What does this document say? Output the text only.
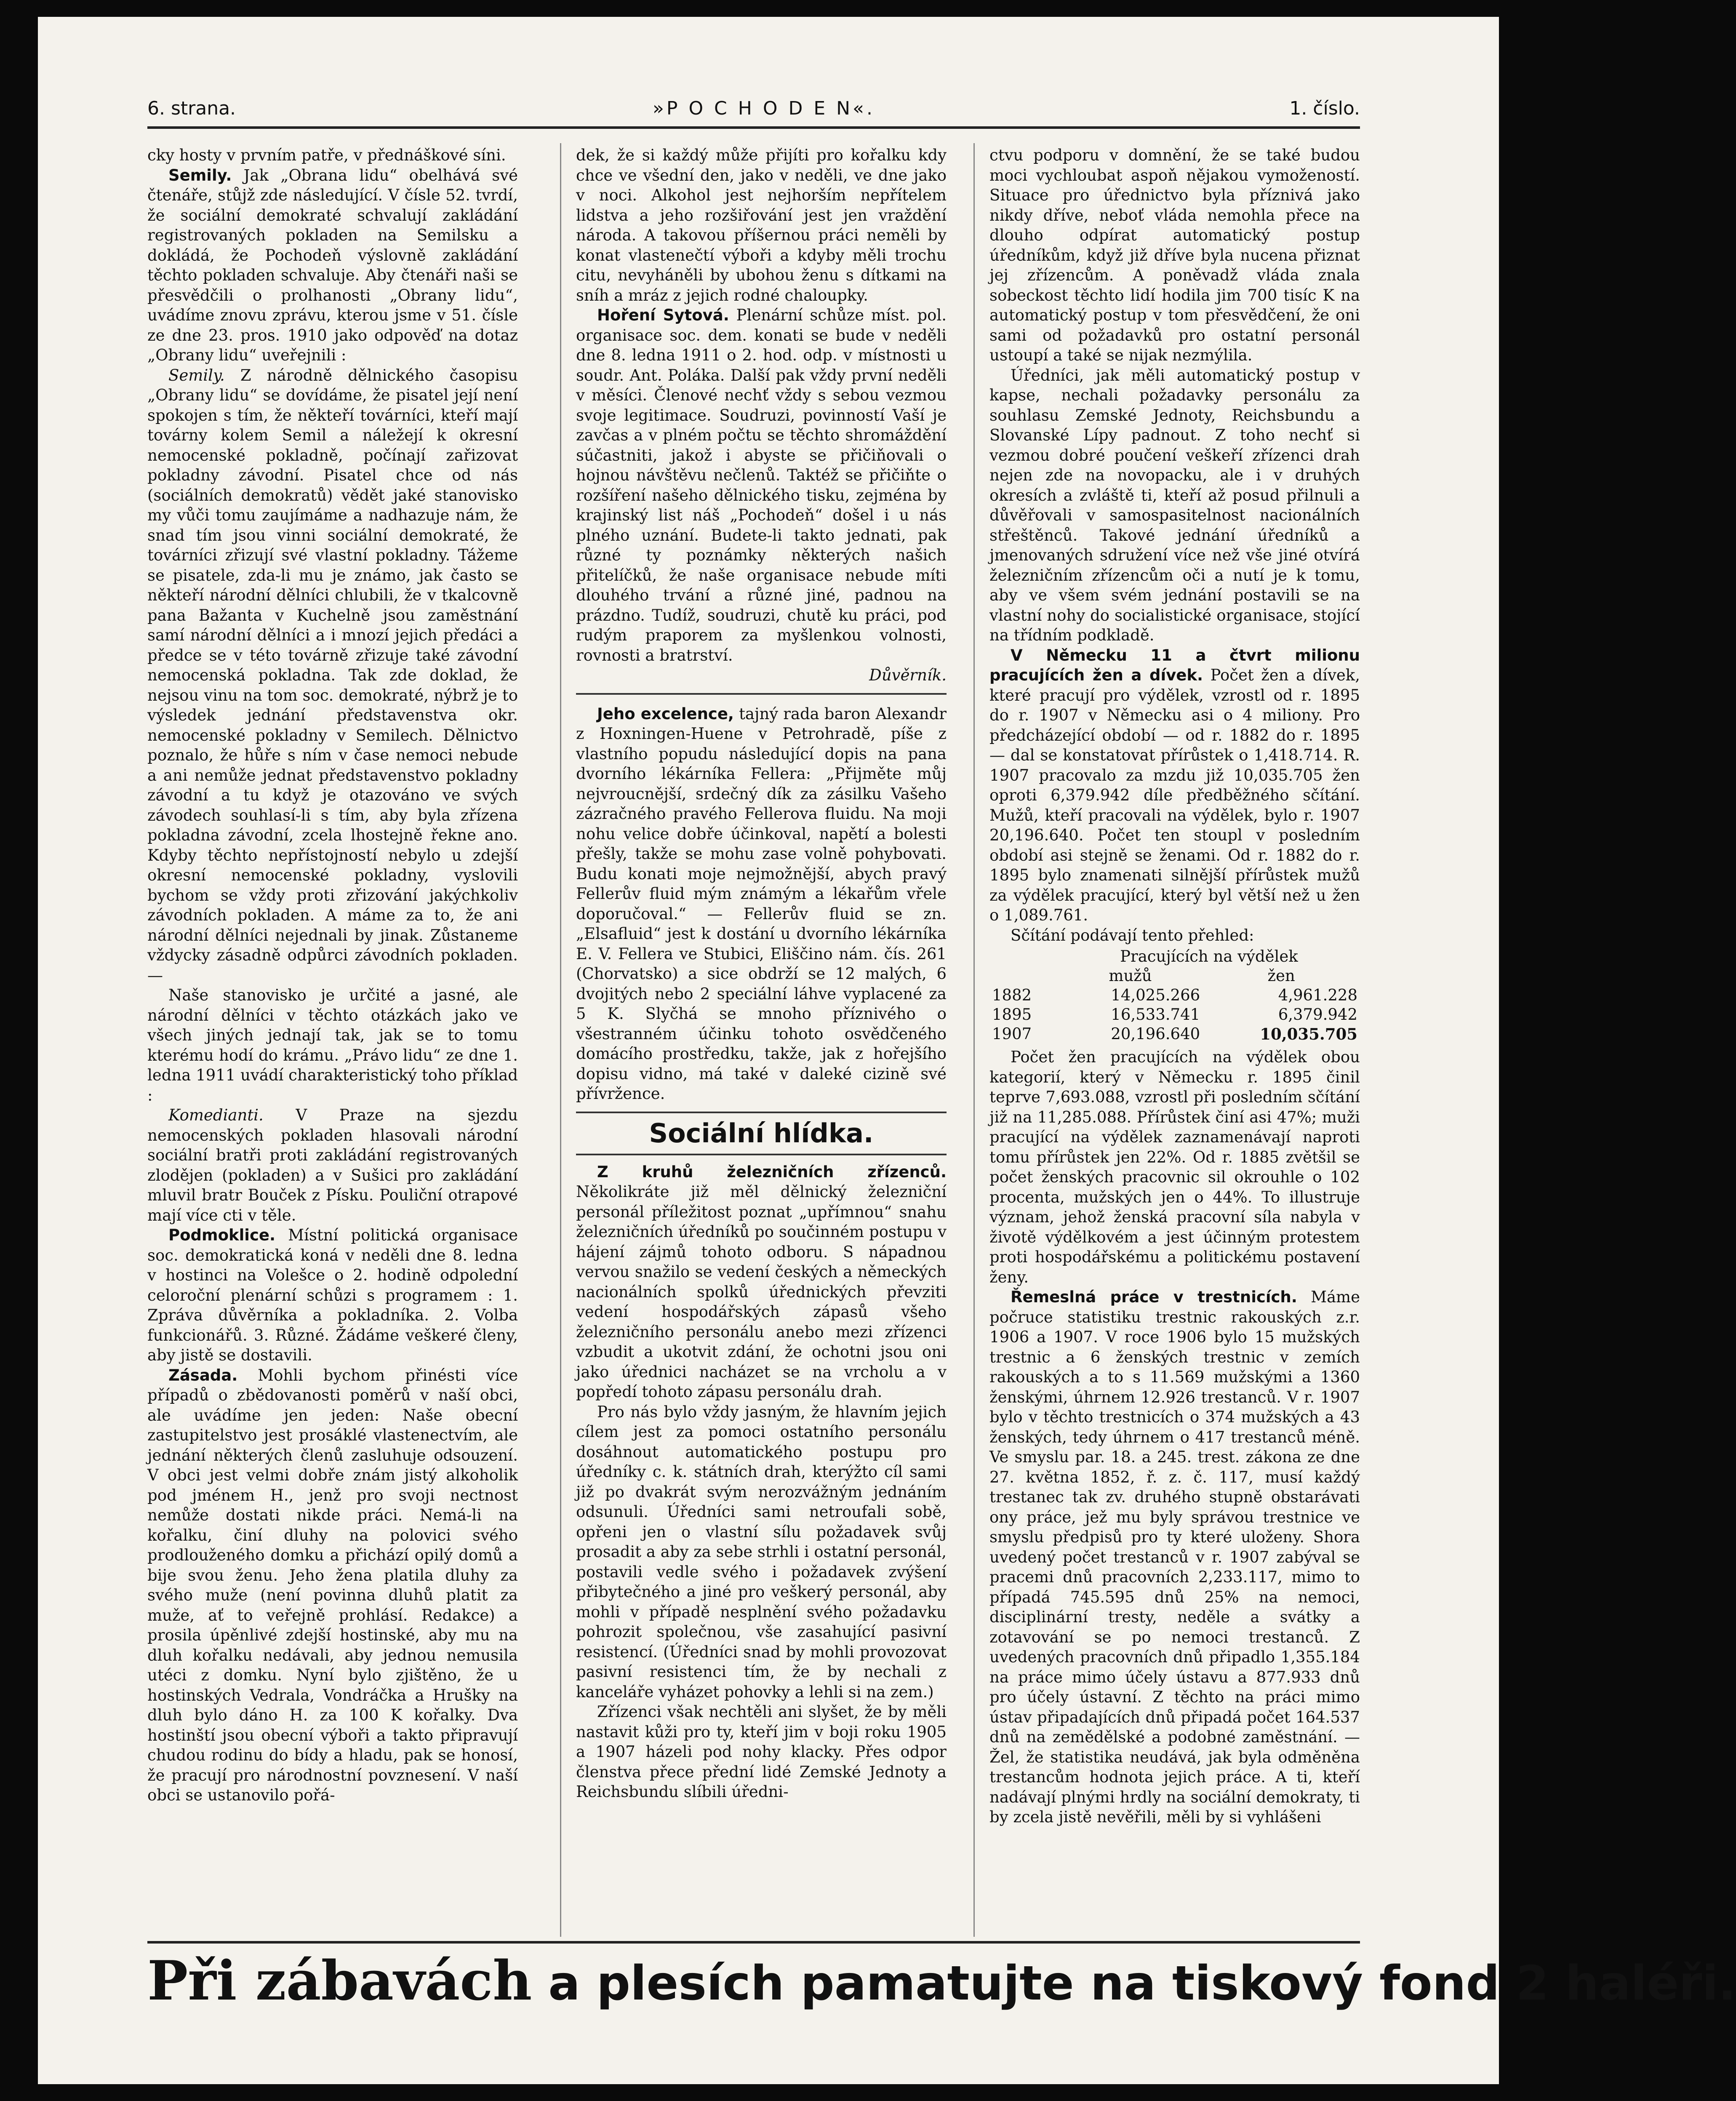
6. strana.	»P O C H O D E N«.	1. číslo.

cky hosty v prvním patře, v přednáškové síni.

Semily. Jak „Obrana lidu“ obelhává své čtenáře, stůjž zde následující. V čísle 52. tvrdí, že sociální demokraté schvalují zakládání registrovaných pokladen na Semilsku a dokládá, že Pochodeň výslovně zakládání těchto pokladen schvaluje. Aby čtenáři naši se přesvědčili o prolhanosti „Obrany lidu“, uvádíme znovu zprávu, kterou jsme v 51. čísle ze dne 23. pros. 1910 jako odpověď na dotaz „Obrany lidu“ uveřejnili :

Semily. Z národně dělnického časopisu „Obrany lidu“ se dovídáme, že pisatel její není spokojen s tím, že někteří továrníci, kteří mají továrny kolem Semil a náležejí k okresní nemocenské pokladně, počínají zařizovat pokladny závodní. Pisatel chce od nás (sociálních demokratů) vědět jaké stanovisko my vůči tomu zaujímáme a nadhazuje nám, že snad tím jsou vinni sociální demokraté, že továrníci zřizují své vlastní pokladny. Tážeme se pisatele, zda-li mu je známo, jak často se někteří národní dělníci chlubili, že v tkalcovně pana Bažanta v Kuchelně jsou zaměstnání samí národní dělníci a i mnozí jejich předáci a předce se v této továrně zřizuje také závodní nemocenská pokladna. Tak zde doklad, že nejsou vinu na tom soc. demokraté, nýbrž je to výsledek jednání představenstva okr. nemocenské pokladny v Semilech. Dělnictvo poznalo, že hůře s ním v čase nemoci nebude a ani nemůže jednat představenstvo pokladny závodní a tu když je otazováno ve svých závodech souhlasí-li s tím, aby byla zřízena pokladna závodní, zcela lhostejně řekne ano. Kdyby těchto nepřístojností nebylo u zdejší okresní nemocenské pokladny, vyslovili bychom se vždy proti zřizování jakýchkoliv závodních pokladen. A máme za to, že ani národní dělníci nejednali by jinak. Zůstaneme vždycky zásadně odpůrci závodních pokladen. —

Naše stanovisko je určité a jasné, ale národní dělníci v těchto otázkách jako ve všech jiných jednají tak, jak se to tomu kterému hodí do krámu. „Právo lidu“ ze dne 1. ledna 1911 uvádí charakteristický toho příklad :

Komedianti. V Praze na sjezdu nemocenských pokladen hlasovali národní sociální bratři proti zakládání registrovaných zlodějen (pokladen) a v Sušici pro zakládání mluvil bratr Bouček z Písku. Pouliční otrapové mají více cti v těle.

Podmoklice. Místní politická organisace soc. demokratická koná v neděli dne 8. ledna v hostinci na Volešce o 2. hodině odpolední celoroční plenární schůzi s programem : 1. Zpráva důvěrníka a pokladníka. 2. Volba funkcionářů. 3. Různé. Žádáme veškeré členy, aby jistě se dostavili.

Zásada. Mohli bychom přinésti více případů o zbědovanosti poměrů v naší obci, ale uvádíme jen jeden: Naše obecní zastupitelstvo jest prosáklé vlastenectvím, ale jednání některých členů zasluhuje odsouzení. V obci jest velmi dobře znám jistý alkoholik pod jménem H., jenž pro svoji nectnost nemůže dostati nikde práci. Nemá-li na kořalku, činí dluhy na polovici svého prodlouženého domku a přichází opilý domů a bije svou ženu. Jeho žena platila dluhy za svého muže (není povinna dluhů platit za muže, ať to veřejně prohlásí. Redakce) a prosila úpěnlivé zdejší hostinské, aby mu na dluh kořalku nedávali, aby jednou nemusila utéci z domku. Nyní bylo zjištěno, že u hostinských Vedrala, Vondráčka a Hrušky na dluh bylo dáno H. za 100 K kořalky. Dva hostinští jsou obecní výboři a takto připravují chudou rodinu do bídy a hladu, pak se honosí, že pracují pro národnostní povznesení. V naší obci se ustanovilo pořá-

dek, že si každý může přijíti pro kořalku kdy chce ve všední den, jako v neděli, ve dne jako v noci. Alkohol jest nejhorším nepřítelem lidstva a jeho rozšiřování jest jen vraždění národa. A takovou příšernou práci neměli by konat vlastenečtí výboři a kdyby měli trochu citu, nevyháněli by ubohou ženu s dítkami na sníh a mráz z jejich rodné chaloupky.

Hoření Sytová. Plenární schůze míst. pol. organisace soc. dem. konati se bude v neděli dne 8. ledna 1911 o 2. hod. odp. v místnosti u soudr. Ant. Poláka. Další pak vždy první neděli v měsíci. Členové nechť vždy s sebou vezmou svoje legitimace. Soudruzi, povinností Vaší je zavčas a v plném počtu se těchto shromáždění súčastniti, jakož i abyste se přičiňovali o hojnou návštěvu nečlenů. Taktéž se přičiňte o rozšíření našeho dělnického tisku, zejména by krajinský list náš „Pochodeň“ došel i u nás plného uznání. Budete-li takto jednati, pak různé ty poznámky některých našich přitelíčků, že naše organisace nebude míti dlouhého trvání a různé jiné, padnou na prázdno. Tudíž, soudruzi, chutě ku práci, pod rudým praporem za myšlenkou volnosti, rovnosti a bratrství.

Důvěrník.

Jeho excelence, tajný rada baron Alexandr z Hoxningen-Huene v Petrohradě, píše z vlastního popudu následující dopis na pana dvorního lékárníka Fellera: „Přijměte můj nejvroucnější, srdečný dík za zásilku Vašeho zázračného pravého Fellerova fluidu. Na moji nohu velice dobře účinkoval, napětí a bolesti přešly, takže se mohu zase volně pohybovati. Budu konati moje nejmožnější, abych pravý Fellerův fluid mým známým a lékařům vřele doporučoval.“ — Fellerův fluid se zn. „Elsafluid“ jest k dostání u dvorního lékárníka E. V. Fellera ve Stubici, Eliščino nám. čís. 261 (Chorvatsko) a sice obdrží se 12 malých, 6 dvojitých nebo 2 speciální láhve vyplacené za 5 K. Slyčhá se mnoho příznivého o všestranném účinku tohoto osvědčeného domácího prostředku, takže, jak z hořejšího dopisu vidno, má také v daleké cizině své přívržence.

Sociální hlídka.

Z kruhů železničních zřízenců. Několikráte již měl dělnický železniční personál příležitost poznat „upřímnou“ snahu železničních úředníků po součinném postupu v hájení zájmů tohoto odboru. S nápadnou vervou snažilo se vedení českých a německých nacionálních spolků úřednických převziti vedení hospodářských zápasů všeho železničního personálu anebo mezi zřízenci vzbudit a ukotvit zdání, že ochotni jsou oni jako úřednici nacházet se na vrcholu a v popředí tohoto zápasu personálu drah.

Pro nás bylo vždy jasným, že hlavním jejich cílem jest za pomoci ostatního personálu dosáhnout automatického postupu pro úředníky c. k. státních drah, kterýžto cíl sami již po dvakrát svým nerozvážným jednáním odsunuli. Úředníci sami netroufali sobě, opřeni jen o vlastní sílu požadavek svůj prosadit a aby za sebe strhli i ostatní personál, postavili vedle svého i požadavek zvýšení přibytečného a jiné pro veškerý personál, aby mohli v případě nesplnění svého požadavku pohrozit společnou, vše zasahující pasivní resistencí. (Úředníci snad by mohli provozovat pasivní resistenci tím, že by nechali z kanceláře vyházet pohovky a lehli si na zem.)

Zřízenci však nechtěli ani slyšet, že by měli nastavit kůži pro ty, kteří jim v boji roku 1905 a 1907 házeli pod nohy klacky. Přes odpor členstva přece přední lidé Zemské Jednoty a Reichsbundu slíbili úředni-

ctvu podporu v domnění, že se také budou moci vychloubat aspoň nějakou vymožeností. Situace pro úřednictvo byla příznivá jako nikdy dříve, neboť vláda nemohla přece na dlouho odpírat automatický postup úředníkům, když již dříve byla nucena přiznat jej zřízencům. A poněvadž vláda znala sobeckost těchto lidí hodila jim 700 tisíc K na automatický postup v tom přesvědčení, že oni sami od požadavků pro ostatní personál ustoupí a také se nijak nezmýlila.

Úředníci, jak měli automatický postup v kapse, nechali požadavky personálu za souhlasu Zemské Jednoty, Reichsbundu a Slovanské Lípy padnout. Z toho nechť si vezmou dobré poučení veškeří zřízenci drah nejen zde na novopacku, ale i v druhých okresích a zvláště ti, kteří až posud přilnuli a důvěřovali v samospasitelnost nacionálních střeštěnců. Takové jednání úředníků a jmenovaných sdružení více než vše jiné otvírá železničním zřízencům oči a nutí je k tomu, aby ve všem svém jednání postavili se na vlastní nohy do socialistické organisace, stojící na třídním podkladě.

V Německu 11 a čtvrt milionu pracujících žen a dívek. Počet žen a dívek, které pracují pro výdělek, vzrostl od r. 1895 do r. 1907 v Německu asi o 4 miliony. Pro předcházející období — od r. 1882 do r. 1895 — dal se konstatovat přírůstek o 1,418.714. R. 1907 pracovalo za mzdu již 10,035.705 žen oproti 6,379.942 díle předběžného sčítání. Mužů, kteří pracovali na výdělek, bylo r. 1907 20,196.640. Počet ten stoupl v posledním období asi stejně se ženami. Od r. 1882 do r. 1895 bylo znamenati silnější přírůstek mužů za výdělek pracující, který byl větší než u žen o 1,089.761.

Sčítání podávají tento přehled:

	Pracujících na výdělek	
	mužů	žen
1882	14,025.266	4,961.228
1895	16,533.741	6,379.942
1907	20,196.640	10,035.705

Počet žen pracujících na výdělek obou kategorií, který v Německu r. 1895 činil teprve 7,693.088, vzrostl při posledním sčítání již na 11,285.088. Přírůstek činí asi 47%; muži pracující na výdělek zaznamenávají naproti tomu přírůstek jen 22%. Od r. 1885 zvětšil se počet ženských pracovnic sil okrouhle o 102 procenta, mužských jen o 44%. To illustruje význam, jehož ženská pracovní síla nabyla v životě výdělkovém a jest účinným protestem proti hospodářskému a politickému postavení ženy.

Řemeslná práce v trestnicích. Máme počruce statistiku trestnic rakouských z.r. 1906 a 1907. V roce 1906 bylo 15 mužských trestnic a 6 ženských trestnic v zemích rakouských a to s 11.569 mužskými a 1360 ženskými, úhrnem 12.926 trestanců. V r. 1907 bylo v těchto trestnicích o 374 mužských a 43 ženských, tedy úhrnem o 417 trestanců méně. Ve smyslu par. 18. a 245. trest. zákona ze dne 27. května 1852, ř. z. č. 117, musí každý trestanec tak zv. druhého stupně obstarávati ony práce, jež mu byly správou trestnice ve smyslu předpisů pro ty které uloženy. Shora uvedený počet trestanců v r. 1907 zabýval se pracemi dnů pracovních 2,233.117, mimo to případá 745.595 dnů 25% na nemoci, disciplinární tresty, neděle a svátky a zotavování se po nemoci trestanců. Z uvedených pracovních dnů připadlo 1,355.184 na práce mimo účely ústavu a 877.933 dnů pro účely ústavní. Z těchto na práci mimo ústav připadajících dnů připadá počet 164.537 dnů na zemědělské a podobné zaměstnání. — Žel, že statistika neudává, jak byla odměněna trestancům hodnota jejich práce. A ti, kteří nadávají plnými hrdly na sociální demokraty, ti by zcela jistě nevěřili, měli by si vyhlášeni

Při zábavách a plesích pamatujte na tiskový fond 2 haléři.
